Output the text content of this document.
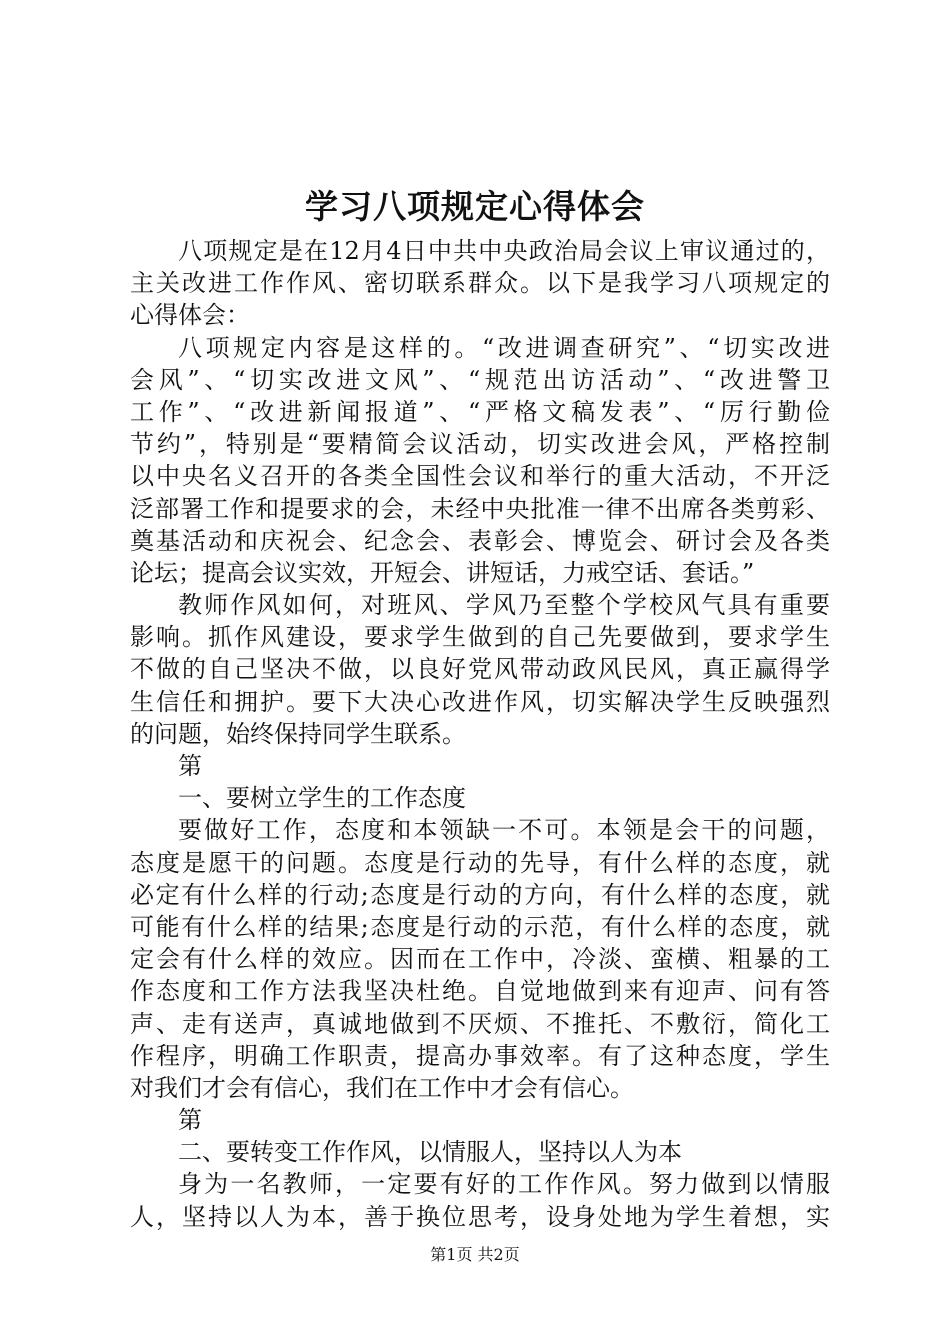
学习八项规定心得体会
八项规定是在12月4日中共中央政治局会议上审议通过的，
主关改进工作作风、密切联系群众。以下是我学习八项规定的
心得体会：
八项规定内容是这样的。“改进调查研究”、“切实改进
会风”、“切实改进文风”、“规范出访活动”、“改进警卫
工作”、“改进新闻报道”、“严格文稿发表”、“厉行勤俭
节约”，特别是“要精简会议活动，切实改进会风，严格控制
以中央名义召开的各类全国性会议和举行的重大活动，不开泛
泛部署工作和提要求的会，未经中央批准一律不出席各类剪彩、
奠基活动和庆祝会、纪念会、表彰会、博览会、研讨会及各类
论坛；提高会议实效，开短会、讲短话，力戒空话、套话。”
教师作风如何，对班风、学风乃至整个学校风气具有重要
影响。抓作风建设，要求学生做到的自己先要做到，要求学生
不做的自己坚决不做，以良好党风带动政风民风，真正赢得学
生信任和拥护。要下大决心改进作风，切实解决学生反映强烈
的问题，始终保持同学生联系。
第
一、要树立学生的工作态度
要做好工作，态度和本领缺一不可。本领是会干的问题，
态度是愿干的问题。态度是行动的先导，有什么样的态度，就
必定有什么样的行动;态度是行动的方向，有什么样的态度，就
可能有什么样的结果;态度是行动的示范，有什么样的态度，就
定会有什么样的效应。因而在工作中，冷淡、蛮横、粗暴的工
作态度和工作方法我坚决杜绝。自觉地做到来有迎声、问有答
声、走有送声，真诚地做到不厌烦、不推托、不敷衍，简化工
作程序，明确工作职责，提高办事效率。有了这种态度，学生
对我们才会有信心，我们在工作中才会有信心。
第
二、要转变工作作风，以情服人，坚持以人为本
身为一名教师，一定要有好的工作作风。努力做到以情服
人，坚持以人为本，善于换位思考，设身处地为学生着想，实
第1页 共2页
